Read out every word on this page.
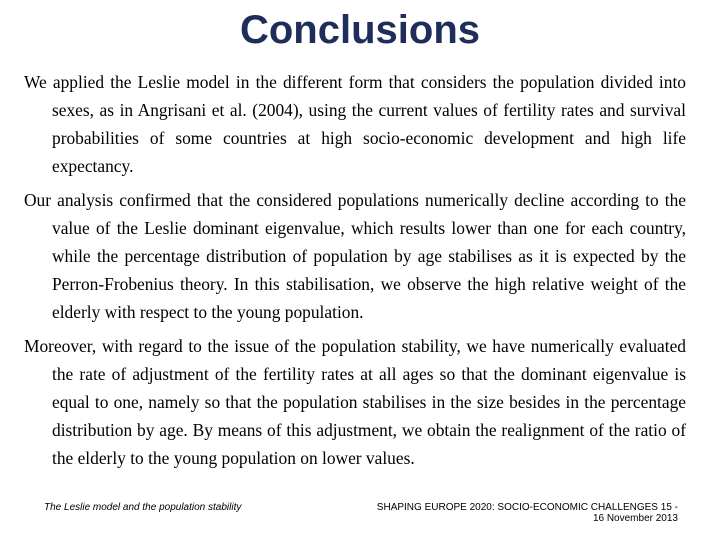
Conclusions

We applied the Leslie model in the different form that considers the population divided into sexes, as in Angrisani et al. (2004), using the current values of fertility rates and survival probabilities of some countries at high socio-economic development and high life expectancy.

Our analysis confirmed that the considered populations numerically decline according to the value of the Leslie dominant eigenvalue, which results lower than one for each country, while the percentage distribution of population by age stabilises as it is expected by the Perron-Frobenius theory. In this stabilisation, we observe the high relative weight of the elderly with respect to the young population.

Moreover, with regard to the issue of the population stability, we have numerically evaluated the rate of adjustment of the fertility rates at all ages so that the dominant eigenvalue is equal to one, namely so that the population stabilises in the size besides in the percentage distribution by age. By means of this adjustment, we obtain the realignment of the ratio of the elderly to the young population on lower values.

The Leslie model and the population stability	SHAPING EUROPE 2020: SOCIO-ECONOMIC CHALLENGES 15 -
16 November 2013
